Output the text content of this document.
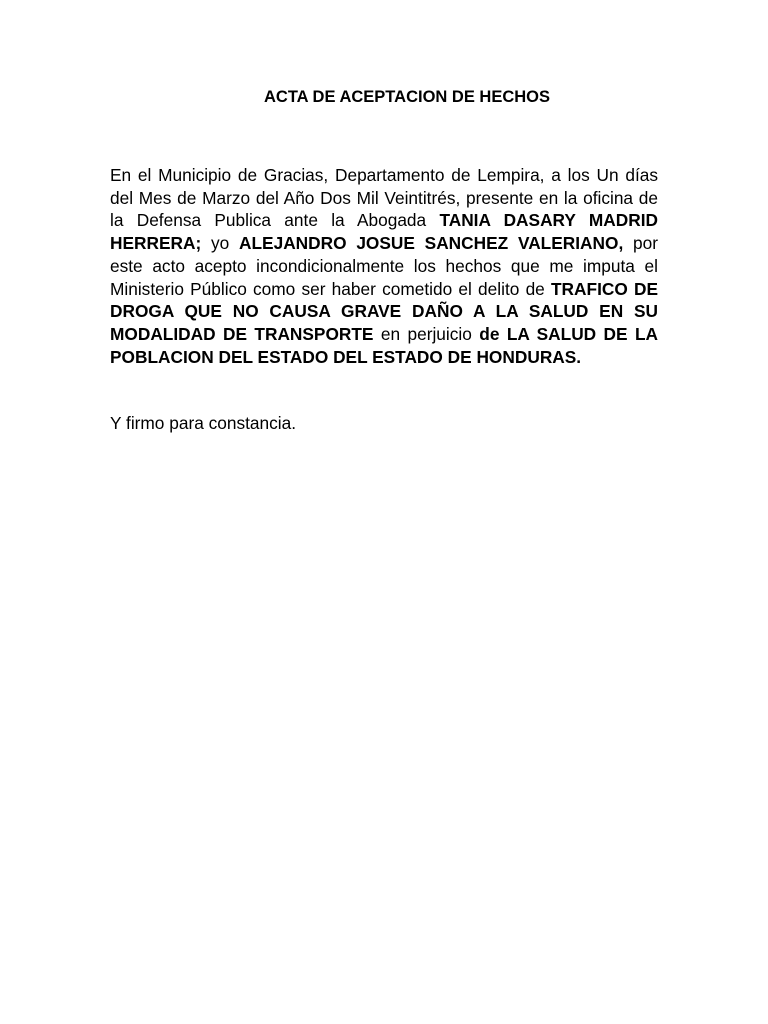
ACTA DE ACEPTACION DE HECHOS

En el Municipio de Gracias, Departamento de Lempira, a los Un días del Mes de Marzo del Año Dos Mil Veintitrés, presente en la oficina de la Defensa Publica ante la Abogada TANIA DASARY MADRID HERRERA; yo ALEJANDRO JOSUE SANCHEZ VALERIANO, por este acto acepto incondicionalmente los hechos que me imputa el Ministerio Público como ser haber cometido el delito de TRAFICO DE DROGA QUE NO CAUSA GRAVE DAÑO A LA SALUD EN SU MODALIDAD DE TRANSPORTE en perjuicio de LA SALUD DE LA POBLACION DEL ESTADO DEL ESTADO DE HONDURAS.

Y firmo para constancia.
